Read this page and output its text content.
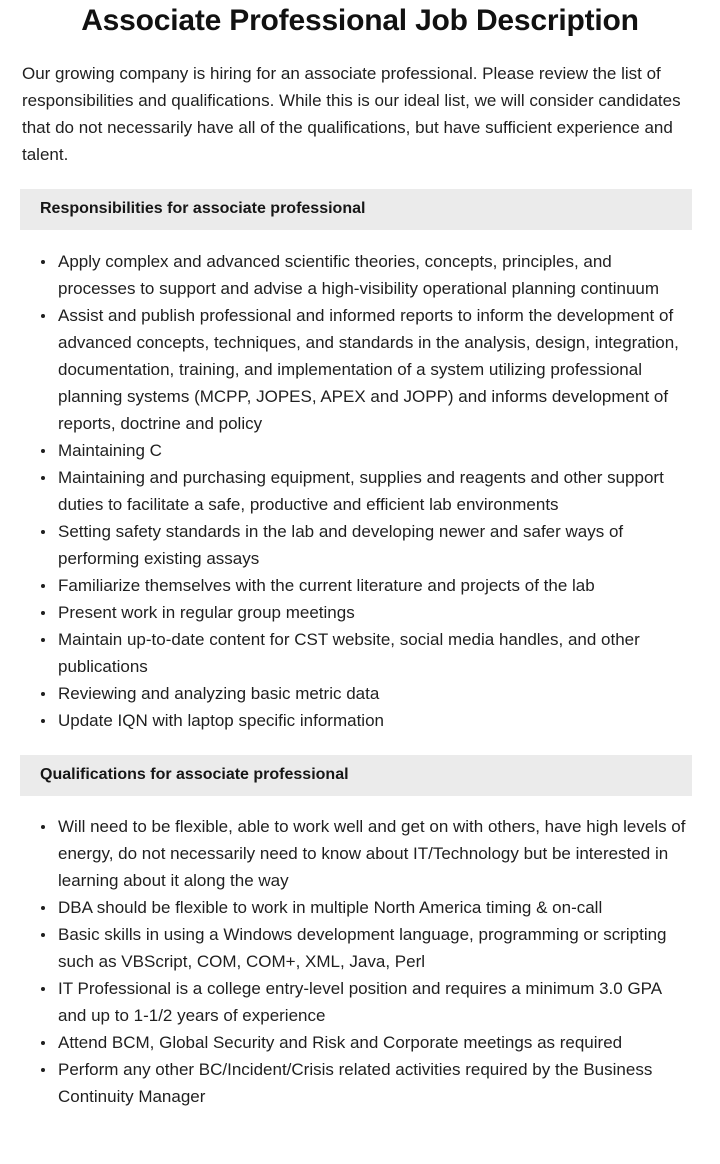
Associate Professional Job Description

Our growing company is hiring for an associate professional. Please review the list of responsibilities and qualifications. While this is our ideal list, we will consider candidates that do not necessarily have all of the qualifications, but have sufficient experience and talent.

Responsibilities for associate professional
Apply complex and advanced scientific theories, concepts, principles, and processes to support and advise a high-visibility operational planning continuum
Assist and publish professional and informed reports to inform the development of advanced concepts, techniques, and standards in the analysis, design, integration, documentation, training, and implementation of a system utilizing professional planning systems (MCPP, JOPES, APEX and JOPP) and informs development of reports, doctrine and policy
Maintaining C
Maintaining and purchasing equipment, supplies and reagents and other support duties to facilitate a safe, productive and efficient lab environments
Setting safety standards in the lab and developing newer and safer ways of performing existing assays
Familiarize themselves with the current literature and projects of the lab
Present work in regular group meetings
Maintain up-to-date content for CST website, social media handles, and other publications
Reviewing and analyzing basic metric data
Update IQN with laptop specific information
Qualifications for associate professional
Will need to be flexible, able to work well and get on with others, have high levels of energy, do not necessarily need to know about IT/Technology but be interested in learning about it along the way
DBA should be flexible to work in multiple North America timing & on-call
Basic skills in using a Windows development language, programming or scripting such as VBScript, COM, COM+, XML, Java, Perl
IT Professional is a college entry-level position and requires a minimum 3.0 GPA and up to 1-1/2 years of experience
Attend BCM, Global Security and Risk and Corporate meetings as required
Perform any other BC/Incident/Crisis related activities required by the Business Continuity Manager
